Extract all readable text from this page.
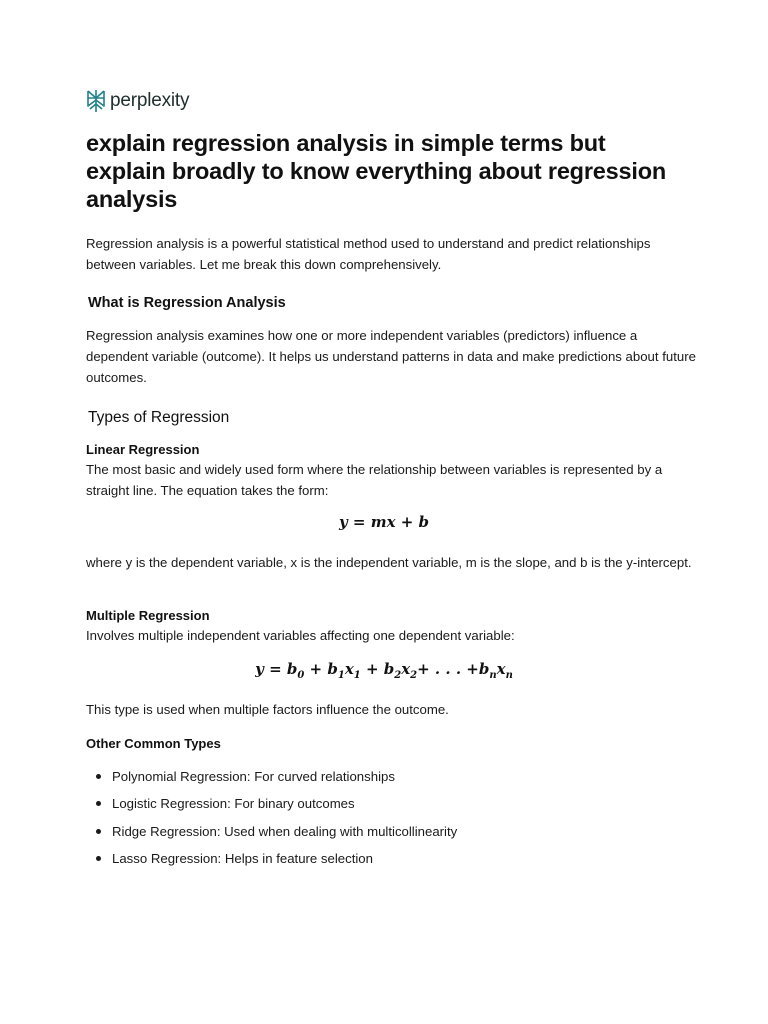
perplexity
explain regression analysis in simple terms but explain broadly to know everything about regression analysis

Regression analysis is a powerful statistical method used to understand and predict relationships between variables. Let me break this down comprehensively.

What is Regression Analysis

Regression analysis examines how one or more independent variables (predictors) influence a dependent variable (outcome). It helps us understand patterns in data and make predictions about future outcomes.

Types of Regression
Linear Regression

The most basic and widely used form where the relationship between variables is represented by a straight line. The equation takes the form:

y = mx + b

where y is the dependent variable, x is the independent variable, m is the slope, and b is the y-intercept.

Multiple Regression

Involves multiple independent variables affecting one dependent variable:

$y = b_0 + b_1x_1 + b_2x_2+$ . . . $+b_nx_n$

This type is used when multiple factors influence the outcome.

Other Common Types
Polynomial Regression: For curved relationships
Logistic Regression: For binary outcomes
Ridge Regression: Used when dealing with multicollinearity
Lasso Regression: Helps in feature selection
